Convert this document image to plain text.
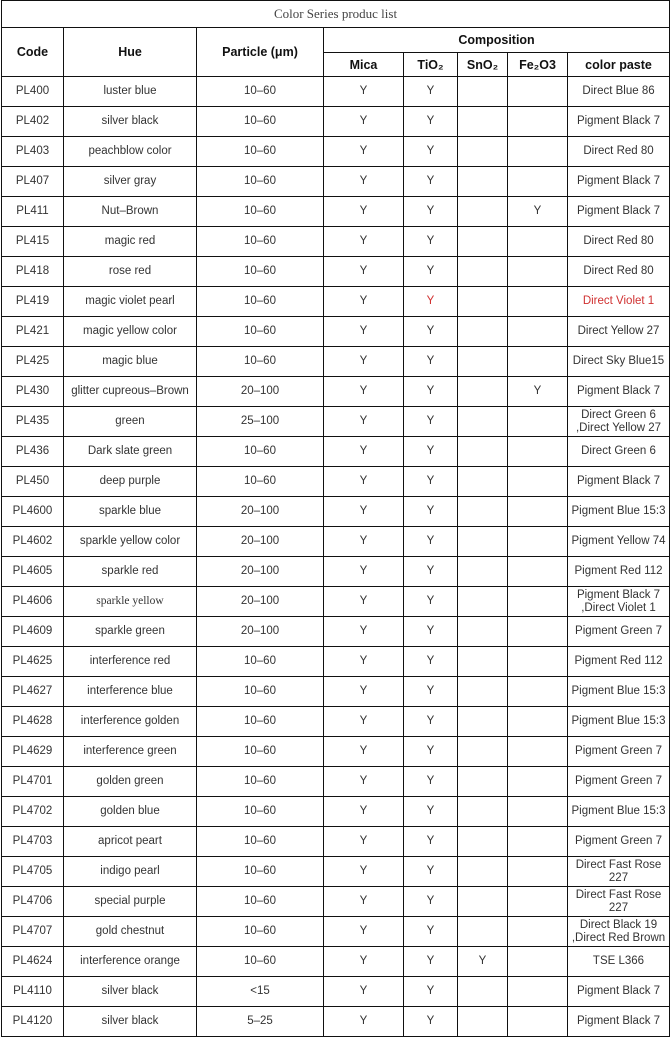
Color Series produc list							
Code	Hue	Particle (μm)	Composition				
			Mica	TiO₂	SnO₂	Fe₂O3	color paste
PL400	luster blue	10–60	Y	Y			Direct Blue 86
PL402	silver black	10–60	Y	Y			Pigment Black 7
PL403	peachblow color	10–60	Y	Y			Direct Red 80
PL407	silver gray	10–60	Y	Y			Pigment Black 7
PL411	Nut–Brown	10–60	Y	Y		Y	Pigment Black 7
PL415	magic red	10–60	Y	Y			Direct Red 80
PL418	rose red	10–60	Y	Y			Direct Red 80
PL419	magic violet pearl	10–60	Y	Y			Direct Violet 1
PL421	magic yellow color	10–60	Y	Y			Direct Yellow 27
PL425	magic blue	10–60	Y	Y			Direct Sky Blue15
PL430	glitter cupreous–Brown	20–100	Y	Y		Y	Pigment Black 7
PL435	green	25–100	Y	Y			Direct Green 6 ,Direct Yellow 27
PL436	Dark slate green	10–60	Y	Y			Direct Green 6
PL450	deep purple	10–60	Y	Y			Pigment Black 7
PL4600	sparkle blue	20–100	Y	Y			Pigment Blue 15:3
PL4602	sparkle yellow color	20–100	Y	Y			Pigment Yellow 74
PL4605	sparkle red	20–100	Y	Y			Pigment Red 112
PL4606	sparkle yellow	20–100	Y	Y			Pigment Black 7 ,Direct Violet 1
PL4609	sparkle green	20–100	Y	Y			Pigment Green 7
PL4625	interference red	10–60	Y	Y			Pigment Red 112
PL4627	interference blue	10–60	Y	Y			Pigment Blue 15:3
PL4628	interference golden	10–60	Y	Y			Pigment Blue 15:3
PL4629	interference green	10–60	Y	Y			Pigment Green 7
PL4701	golden green	10–60	Y	Y			Pigment Green 7
PL4702	golden blue	10–60	Y	Y			Pigment Blue 15:3
PL4703	apricot peart	10–60	Y	Y			Pigment Green 7
PL4705	indigo pearl	10–60	Y	Y			Direct Fast Rose 227
PL4706	special purple	10–60	Y	Y			Direct Fast Rose 227
PL4707	gold chestnut	10–60	Y	Y			Direct Black 19 ,Direct Red Brown
PL4624	interference orange	10–60	Y	Y	Y		TSE L366
PL4110	silver black	<15	Y	Y			Pigment Black 7
PL4120	silver black	5–25	Y	Y			Pigment Black 7
